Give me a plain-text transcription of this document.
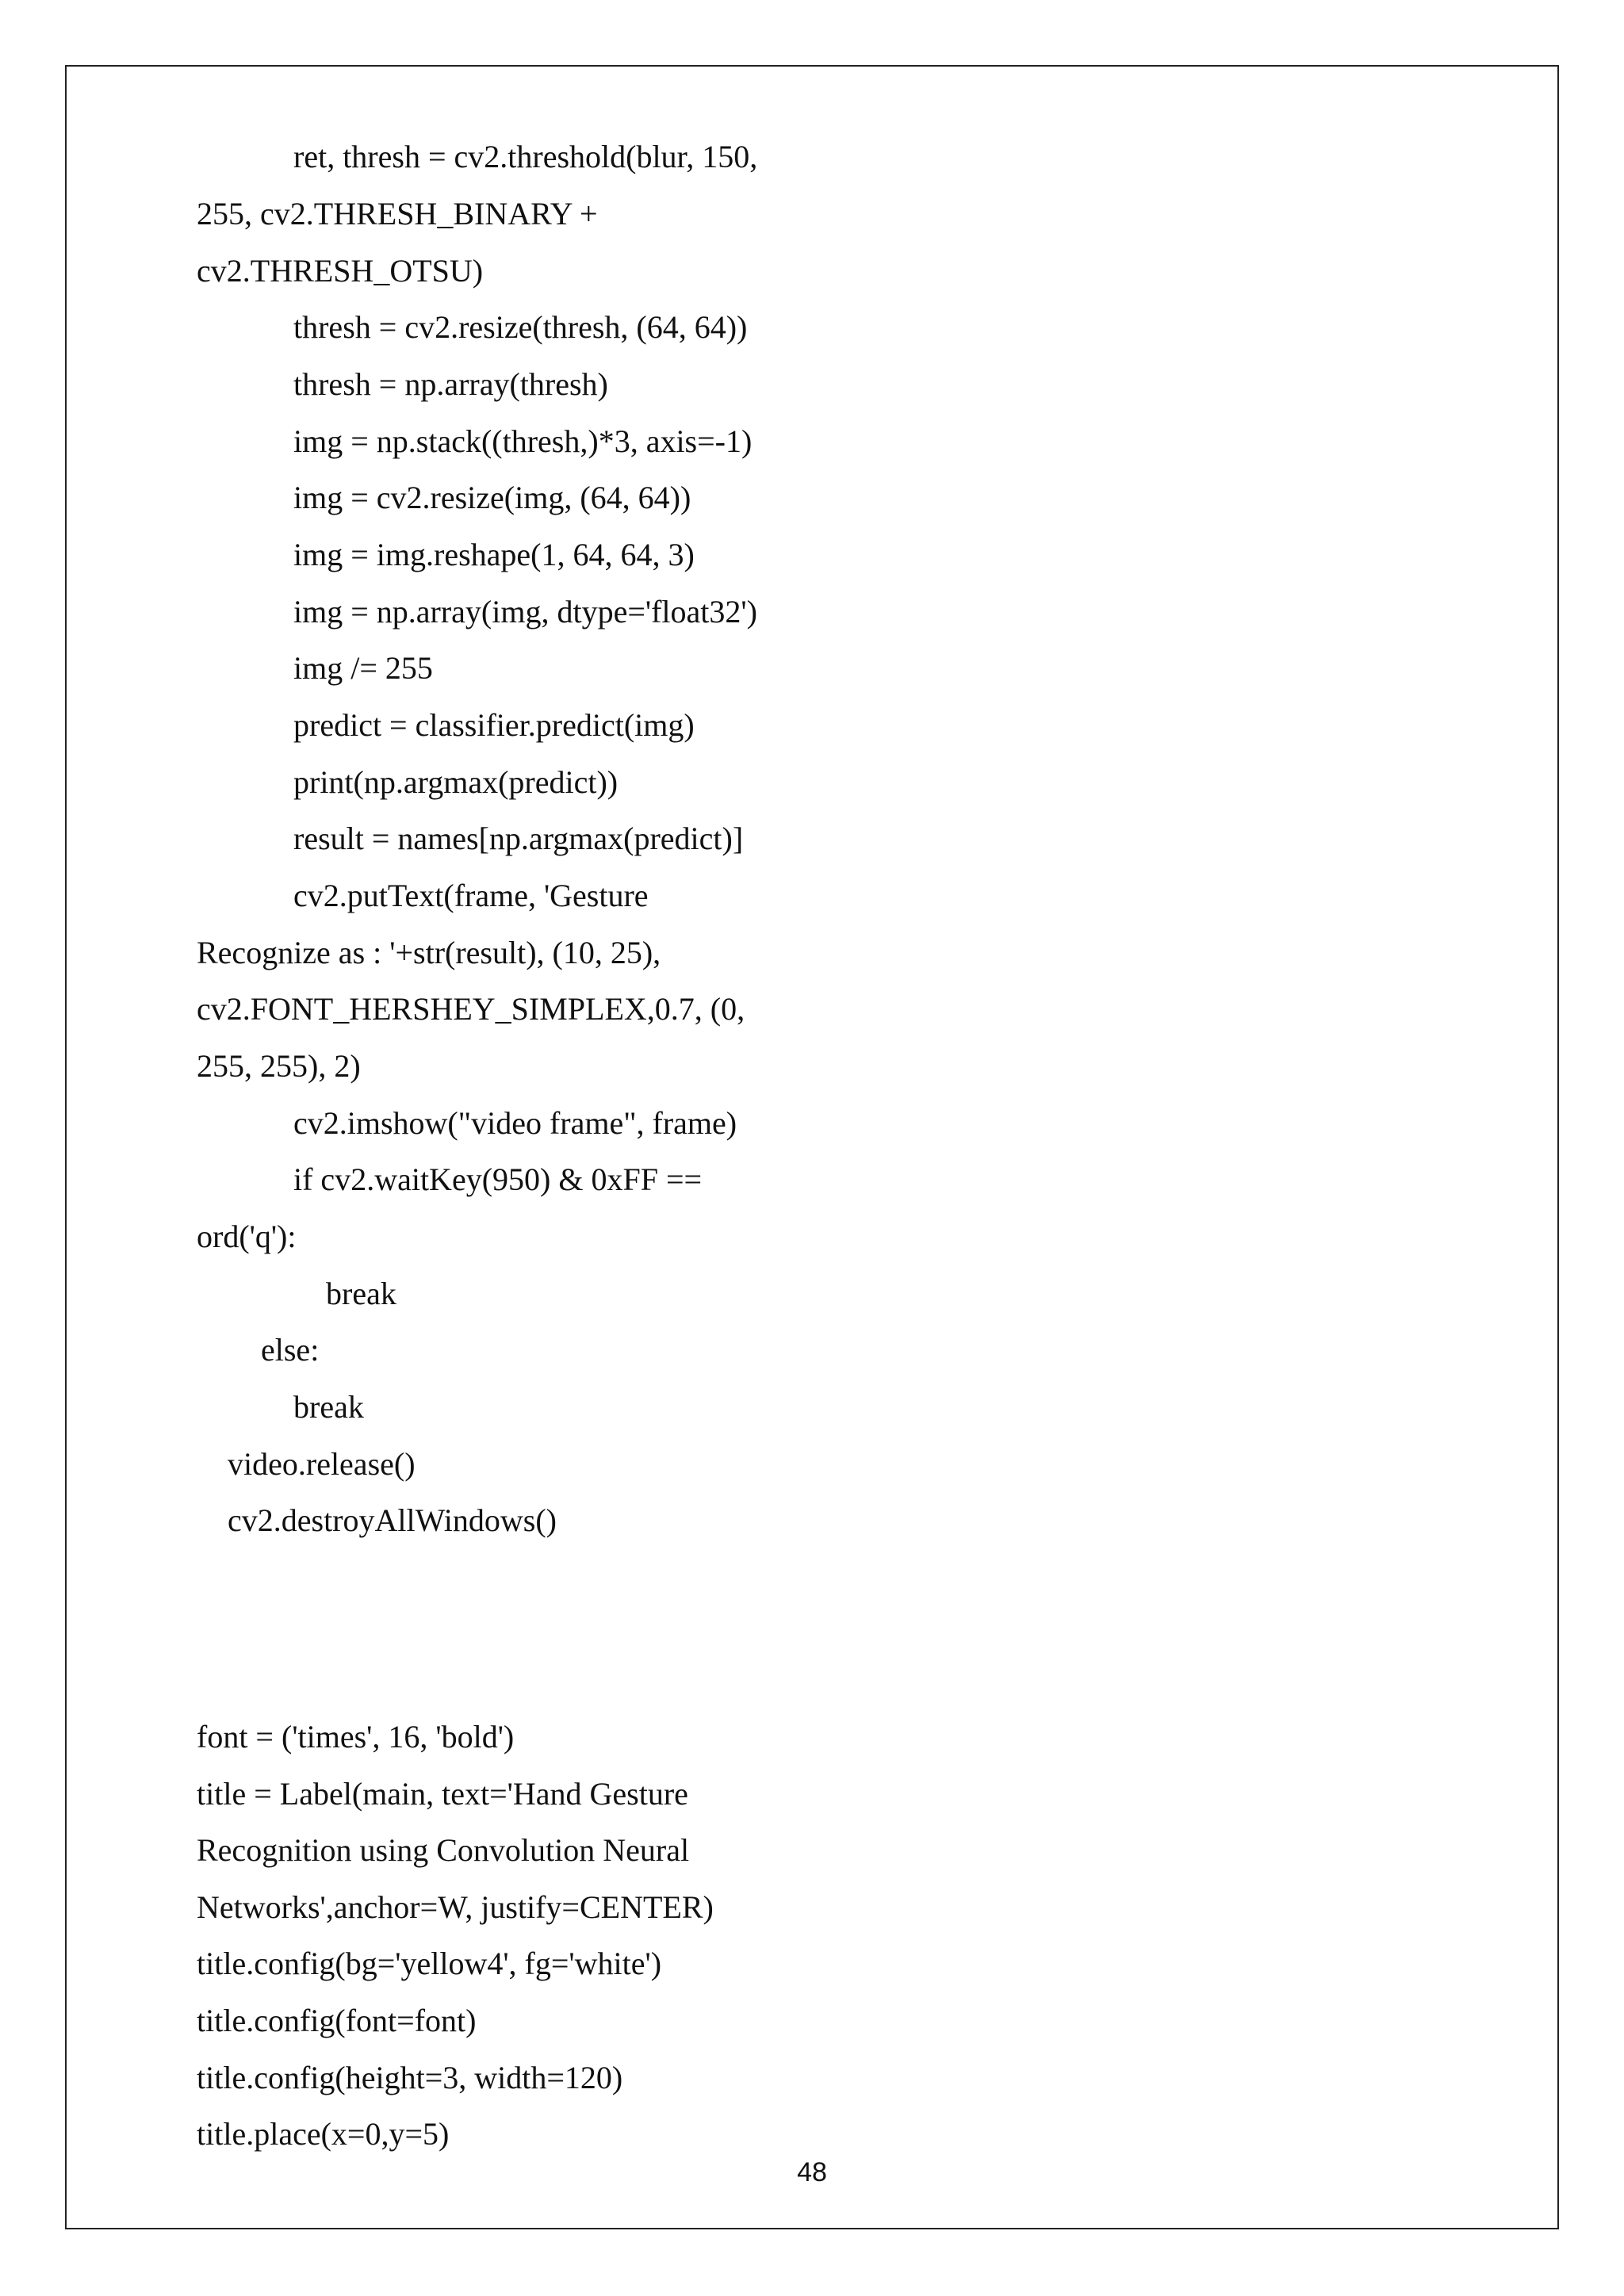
ret, thresh = cv2.threshold(blur, 150,
255, cv2.THRESH_BINARY +
cv2.THRESH_OTSU)
thresh = cv2.resize(thresh, (64, 64))
thresh = np.array(thresh)
img = np.stack((thresh,)*3, axis=-1)
img = cv2.resize(img, (64, 64))
img = img.reshape(1, 64, 64, 3)
img = np.array(img, dtype='float32')
img /= 255
predict = classifier.predict(img)
print(np.argmax(predict))
result = names[np.argmax(predict)]
cv2.putText(frame, 'Gesture
Recognize as : '+str(result), (10, 25),
cv2.FONT_HERSHEY_SIMPLEX,0.7, (0,
255, 255), 2)
cv2.imshow("video frame", frame)
if cv2.waitKey(950) & 0xFF ==
ord('q'):
break
else:
break
video.release()
cv2.destroyAllWindows()
font = ('times', 16, 'bold')
title = Label(main, text='Hand Gesture
Recognition using Convolution Neural
Networks',anchor=W, justify=CENTER)
title.config(bg='yellow4', fg='white')
title.config(font=font)
title.config(height=3, width=120)
title.place(x=0,y=5)
48
